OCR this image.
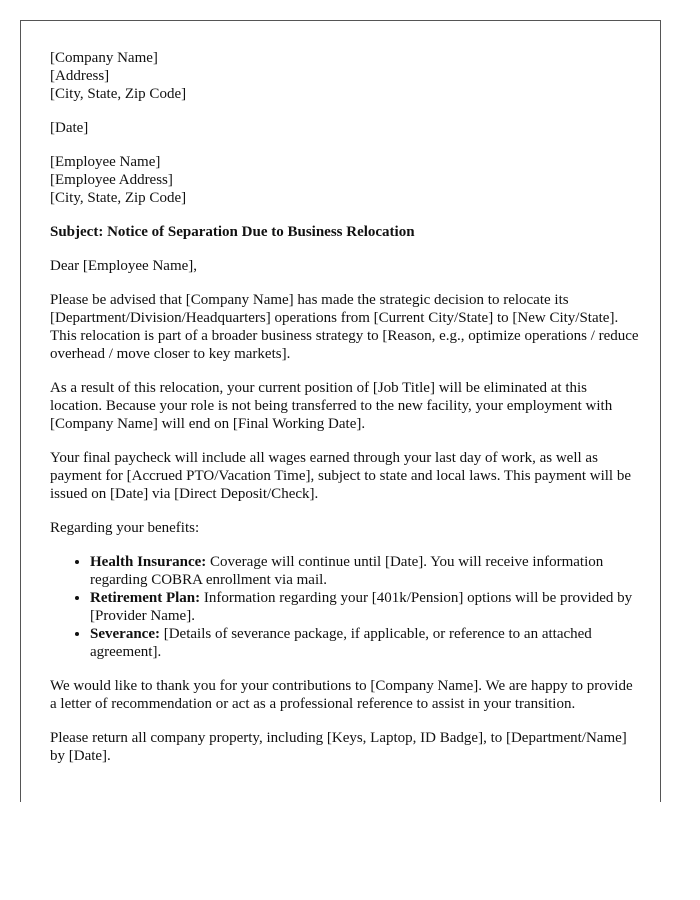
[Company Name]
[Address]
[City, State, Zip Code]
[Date]
[Employee Name]
[Employee Address]
[City, State, Zip Code]

Subject: Notice of Separation Due to Business Relocation

Dear [Employee Name],

Please be advised that [Company Name] has made the strategic decision to relocate its [Department/Division/Headquarters] operations from [Current City/State] to [New City/State]. This relocation is part of a broader business strategy to [Reason, e.g., optimize operations / reduce overhead / move closer to key markets].

As a result of this relocation, your current position of [Job Title] will be eliminated at this location. Because your role is not being transferred to the new facility, your employment with [Company Name] will end on [Final Working Date].

Your final paycheck will include all wages earned through your last day of work, as well as payment for [Accrued PTO/Vacation Time], subject to state and local laws. This payment will be issued on [Date] via [Direct Deposit/Check].

Regarding your benefits:

• Health Insurance: Coverage will continue until [Date]. You will receive information regarding COBRA enrollment via mail.
• Retirement Plan: Information regarding your [401k/Pension] options will be provided by [Provider Name].
• Severance: [Details of severance package, if applicable, or reference to an attached agreement].

We would like to thank you for your contributions to [Company Name]. We are happy to provide a letter of recommendation or act as a professional reference to assist in your transition.

Please return all company property, including [Keys, Laptop, ID Badge], to [Department/Name] by [Date].
